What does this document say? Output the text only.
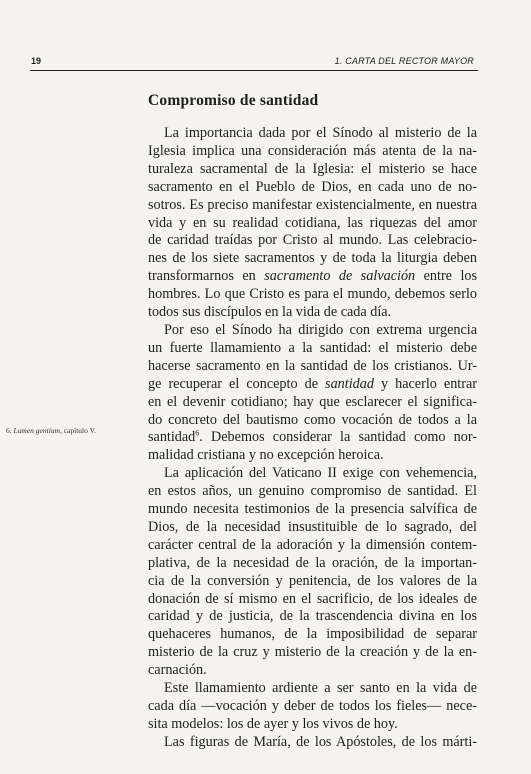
19	1. CARTA DEL RECTOR MAYOR
Compromiso de santidad
La importancia dada por el Sínodo al misterio de la
Iglesia implica una consideración más atenta de la na-
turaleza sacramental de la Iglesia: el misterio se hace
sacramento en el Pueblo de Dios, en cada uno de no-
sotros. Es preciso manifestar existencialmente, en nuestra
vida y en su realidad cotidiana, las riquezas del amor
de caridad traídas por Cristo al mundo. Las celebracio-
nes de los siete sacramentos y de toda la liturgia deben
transformarnos en sacramento de salvación entre los
hombres. Lo que Cristo es para el mundo, debemos serlo
todos sus discípulos en la vida de cada día.
Por eso el Sínodo ha dirigido con extrema urgencia
un fuerte llamamiento a la santidad: el misterio debe
hacerse sacramento en la santidad de los cristianos. Ur-
ge recuperar el concepto de santidad y hacerlo entrar
en el devenir cotidiano; hay que esclarecer el significa-
do concreto del bautismo como vocación de todos a la
santidad$^6$. Debemos considerar la santidad como nor-
malidad cristiana y no excepción heroica.
La aplicación del Vaticano II exige con vehemencia,
en estos años, un genuino compromiso de santidad. El
mundo necesita testimonios de la presencia salvífica de
Dios, de la necesidad insustituible de lo sagrado, del
carácter central de la adoración y la dimensión contem-
plativa, de la necesidad de la oración, de la importan-
cia de la conversión y penitencia, de los valores de la
donación de sí mismo en el sacrificio, de los ideales de
caridad y de justicia, de la trascendencia divina en los
quehaceres humanos, de la imposibilidad de separar
misterio de la cruz y misterio de la creación y de la en-
carnación.
Este llamamiento ardiente a ser santo en la vida de
cada día —vocación y deber de todos los fieles— nece-
sita modelos: los de ayer y los vivos de hoy.
Las figuras de María, de los Apóstoles, de los márti-
6. Lumen gentium, capítulo V.
